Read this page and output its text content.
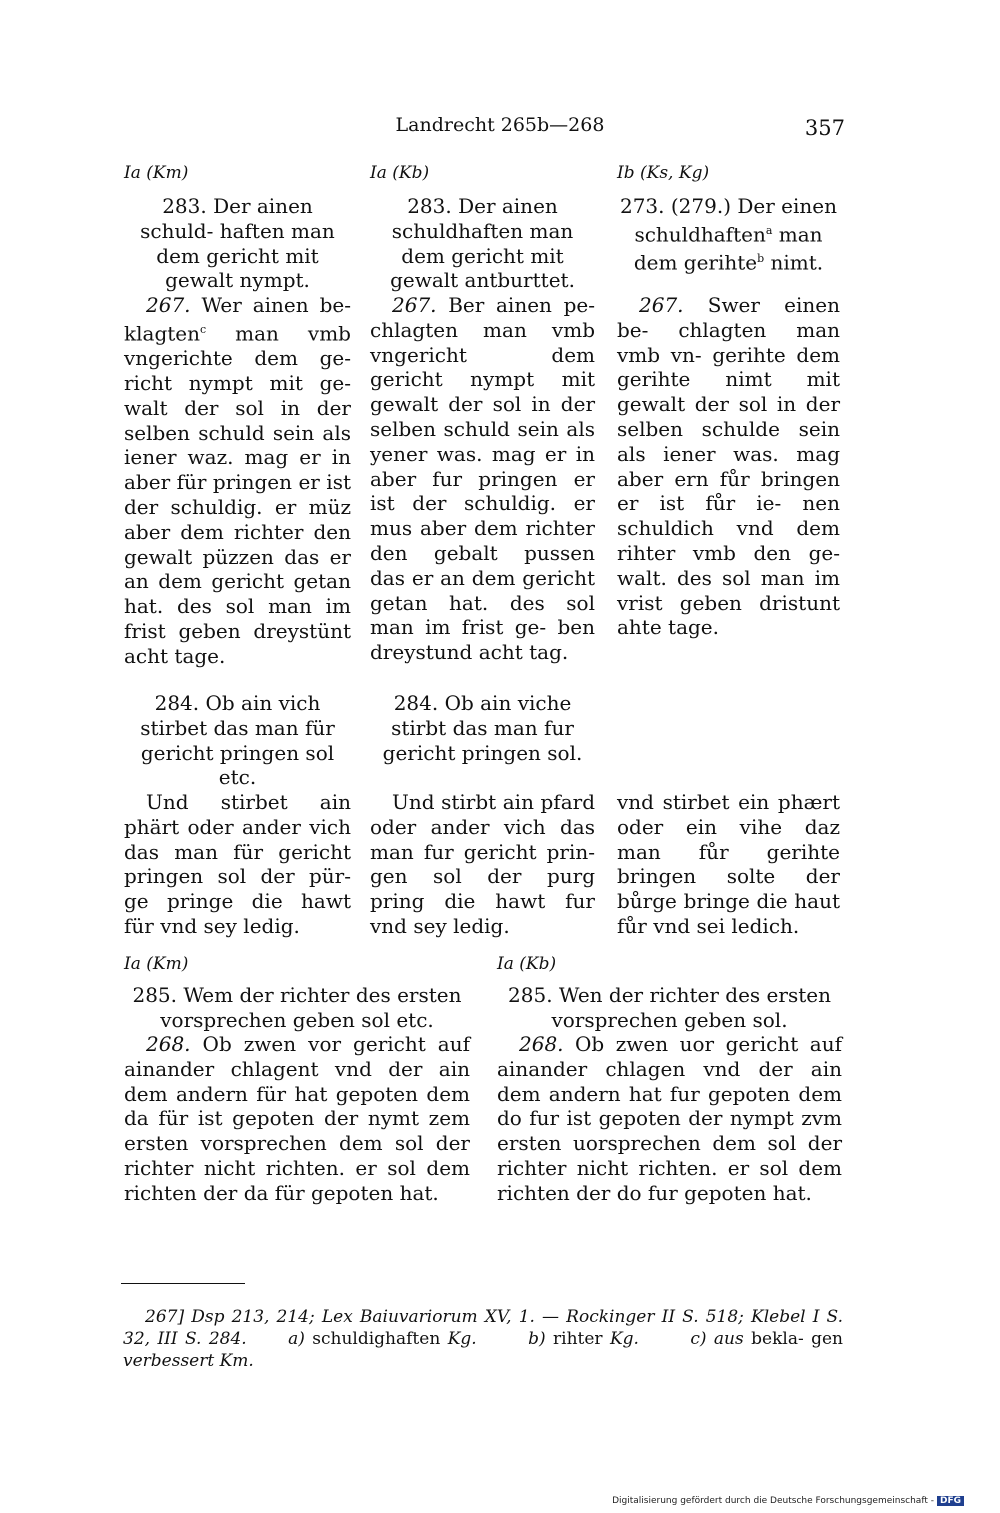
Landrecht 265b—268	357
Ia (Km)
283. Der ainen schuld- haften man dem gericht mit gewalt nympt.
267. Wer ainen be- klagten$^c$ man vmb vngerichte dem ge- richt nympt mit ge- walt der sol in der selben schuld sein als iener waz. mag er in aber für pringen er ist der schuldig. er müz aber dem richter den gewalt püzzen das er an dem gericht getan hat. des sol man im frist geben dreystünt acht tage.
284. Ob ain vich stirbet das man für gericht pringen sol etc.
Und stirbet ain phärt oder ander vich das man für gericht pringen sol der pür- ge pringe die hawt für vnd sey ledig.
Ia (Kb)
283. Der ainen schuldhaften man dem gericht mit gewalt antburttet.
267. Ber ainen pe- chlagten man vmb vngericht dem gericht nympt mit gewalt der sol in der selben schuld sein als yener was. mag er in aber fur pringen er ist der schuldig. er mus aber dem richter den gebalt pussen das er an dem gericht getan hat. des sol man im frist ge- ben dreystund acht tag.
284. Ob ain viche stirbt das man fur gericht pringen sol.
Und stirbt ain pfard oder ander vich das man fur gericht prin- gen sol der purg pring die hawt fur vnd sey ledig.
Ib (Ks, Kg)
273. (279.) Der einen schuldhaften$^a$ man dem gerihte$^b$ nimt.
267. Swer einen be- chlagten man vmb vn- gerihte dem gerihte nimt mit gewalt der sol in der selben schulde sein als iener was. mag aber ern fůr bringen er ist fůr ie- nen schuldich vnd dem rihter vmb den ge- walt. des sol man im vrist geben dristunt ahte tage.
vnd stirbet ein phært oder ein vihe daz man fůr gerihte bringen solte der bůrge bringe die haut fůr vnd sei ledich.
Ia (Km)
285. Wem der richter des ersten vorsprechen geben sol etc.
268. Ob zwen vor gericht auf ainander chlagent vnd der ain dem andern für hat gepoten dem da für ist gepoten der nymt zem ersten vorsprechen dem sol der richter nicht richten. er sol dem richten der da für gepoten hat.
Ia (Kb)
285. Wen der richter des ersten vorsprechen geben sol.
268. Ob zwen uor gericht auf ainander chlagen vnd der ain dem andern hat fur gepoten dem do fur ist gepoten der nympt zvm ersten uorsprechen dem sol der richter nicht richten. er sol dem richten der do fur gepoten hat.
267] Dsp 213, 214; Lex Baiuvariorum XV, 1. — Rockinger II S. 518; Klebel I S. 32, III S. 284. a) schuldighaften Kg.	b) rihter Kg.	c) aus bekla- gen verbessert Km.
Digitalisierung gefördert durch die Deutsche Forschungsgemeinschaft - DFG
